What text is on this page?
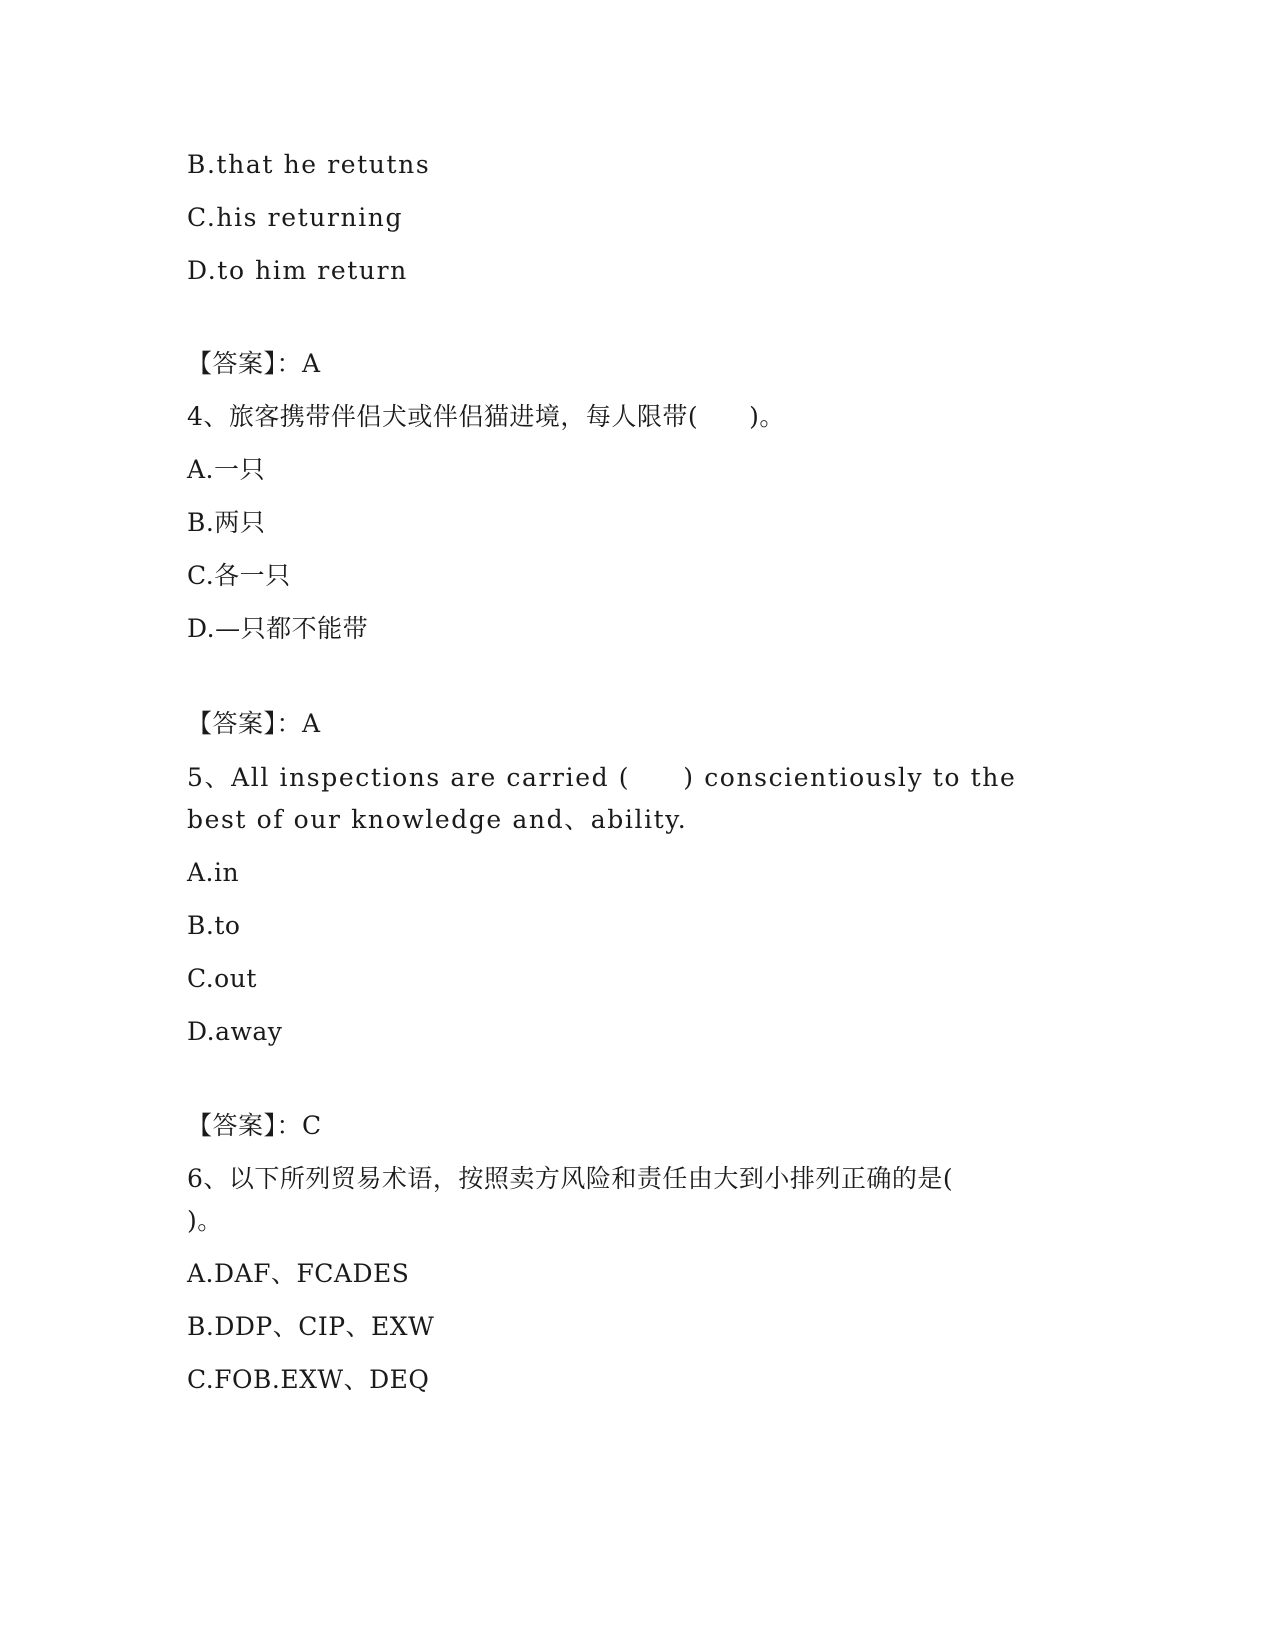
B.that he retutns
C.his returning
D.to him return
【答案】：A
4、旅客携带伴侣犬或伴侣猫进境，每人限带(　　)。
A.一只
B.两只
C.各一只
D.—只都不能带
【答案】：A
5、All inspections are carried (　　) conscientiously to the
best of our knowledge and、ability.
A.in
B.to
C.out
D.away
【答案】：C
6、以下所列贸易术语，按照卖方风险和责任由大到小排列正确的是(
)。
A.DAF、FCADES
B.DDP、CIP、EXW
C.FOB.EXW、DEQ
